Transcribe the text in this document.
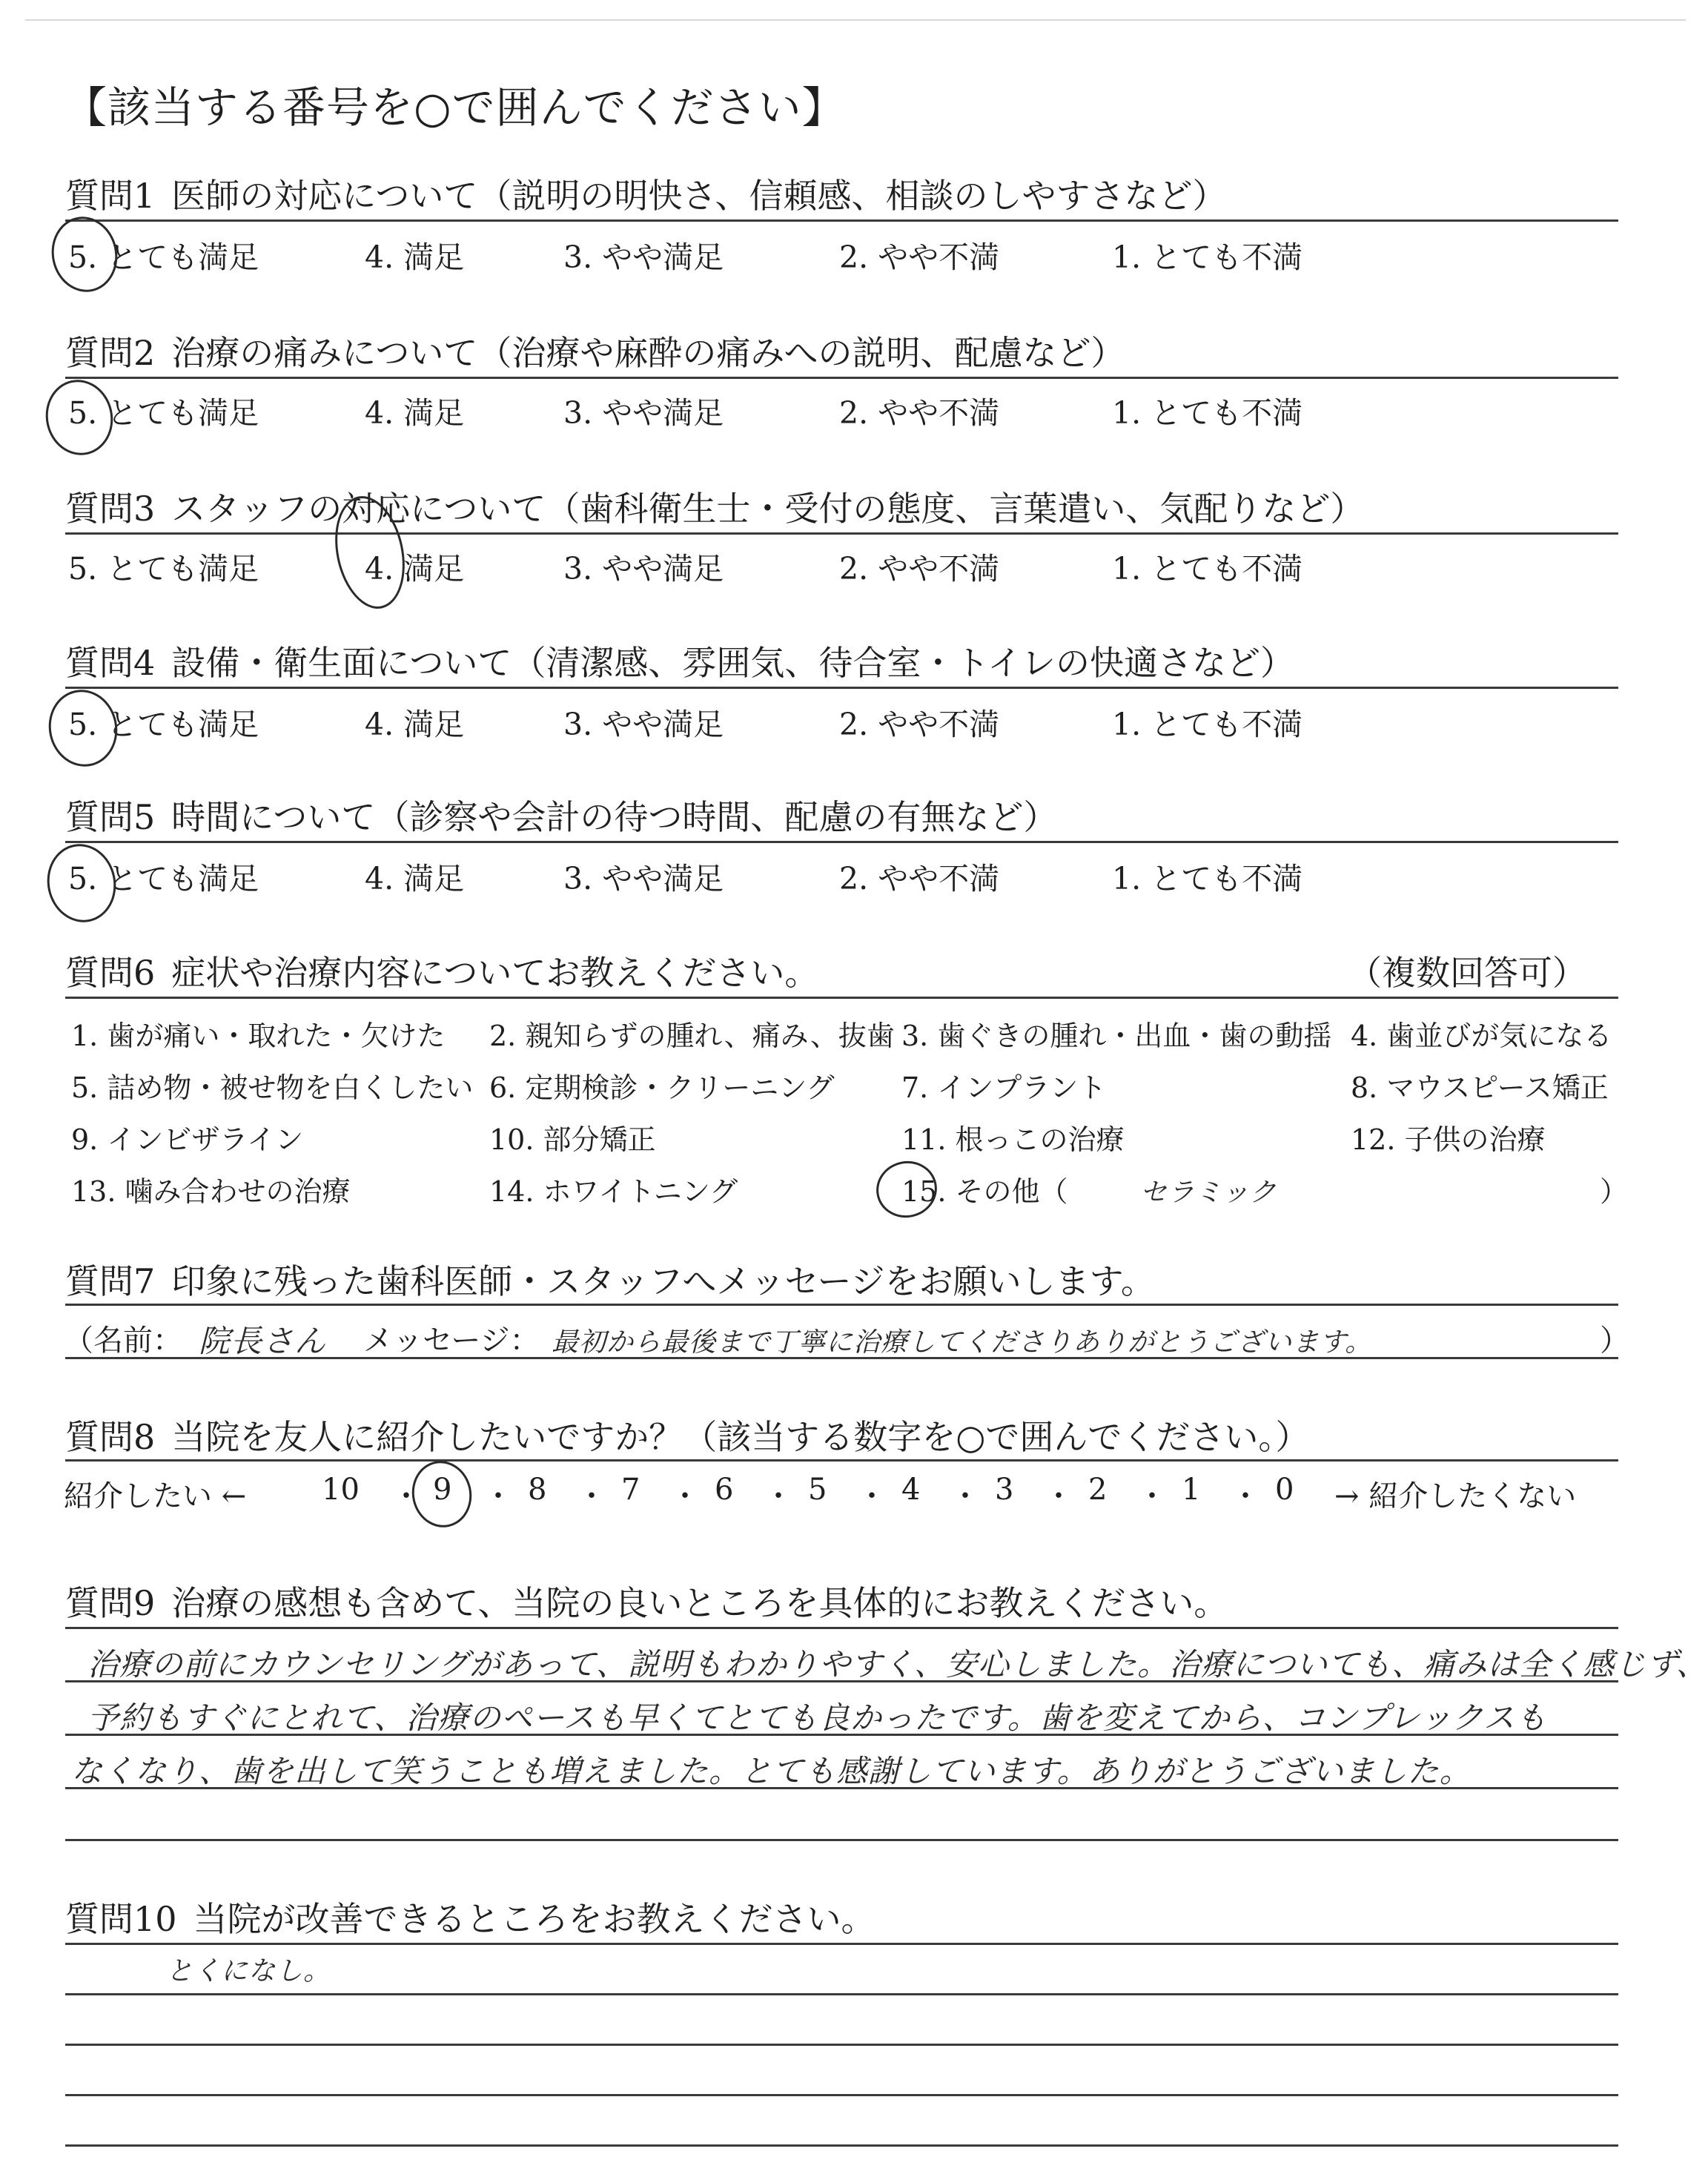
【該当する番号を○で囲んでください】
質問1 医師の対応について（説明の明快さ、信頼感、相談のしやすさなど）
5. とても満足	4. 満足	3. やや満足	2. やや不満	1. とても不満
質問2 治療の痛みについて（治療や麻酔の痛みへの説明、配慮など）
5. とても満足	4. 満足	3. やや満足	2. やや不満	1. とても不満
質問3 スタッフの対応について（歯科衛生士・受付の態度、言葉遣い、気配りなど）
5. とても満足	4. 満足	3. やや満足	2. やや不満	1. とても不満
質問4 設備・衛生面について（清潔感、雰囲気、待合室・トイレの快適さなど）
5. とても満足	4. 満足	3. やや満足	2. やや不満	1. とても不満
質問5 時間について（診察や会計の待つ時間、配慮の有無など）
5. とても満足	4. 満足	3. やや満足	2. やや不満	1. とても不満
質問6 症状や治療内容についてお教えください。	（複数回答可）
1. 歯が痛い・取れた・欠けた 2. 親知らずの腫れ、痛み、抜歯 3. 歯ぐきの腫れ・出血・歯の動揺 4. 歯並びが気になる
5. 詰め物・被せ物を白くしたい 6. 定期検診・クリーニング 7. インプラント	8. マウスピース矯正
9. インビザライン	10. 部分矯正	11. 根っこの治療	12. 子供の治療
13. 噛み合わせの治療	14. ホワイトニング	15. その他（	セラミック	）
質問7 印象に残った歯科医師・スタッフへメッセージをお願いします。
（名前： 院長さん メッセージ： 最初から最後まで丁寧に治療してくださりありがとうございます。	）
質問8 当院を友人に紹介したいですか？（該当する数字を○で囲んでください。）
紹介したい ←	10 ・ 9 ・ 8 ・ 7 ・ 6 ・ 5 ・ 4 ・ 3 ・ 2 ・ 1 ・ 0 → 紹介したくない
質問9 治療の感想も含めて、当院の良いところを具体的にお教えください。
治療の前にカウンセリングがあって、説明もわかりやすく、安心しました。治療についても、痛みは全く感じず、
予約もすぐにとれて、治療のペースも早くてとても良かったです。歯を変えてから、コンプレックスも
なくなり、歯を出して笑うことも増えました。とても感謝しています。ありがとうございました。
質問10 当院が改善できるところをお教えください。
とくになし。
